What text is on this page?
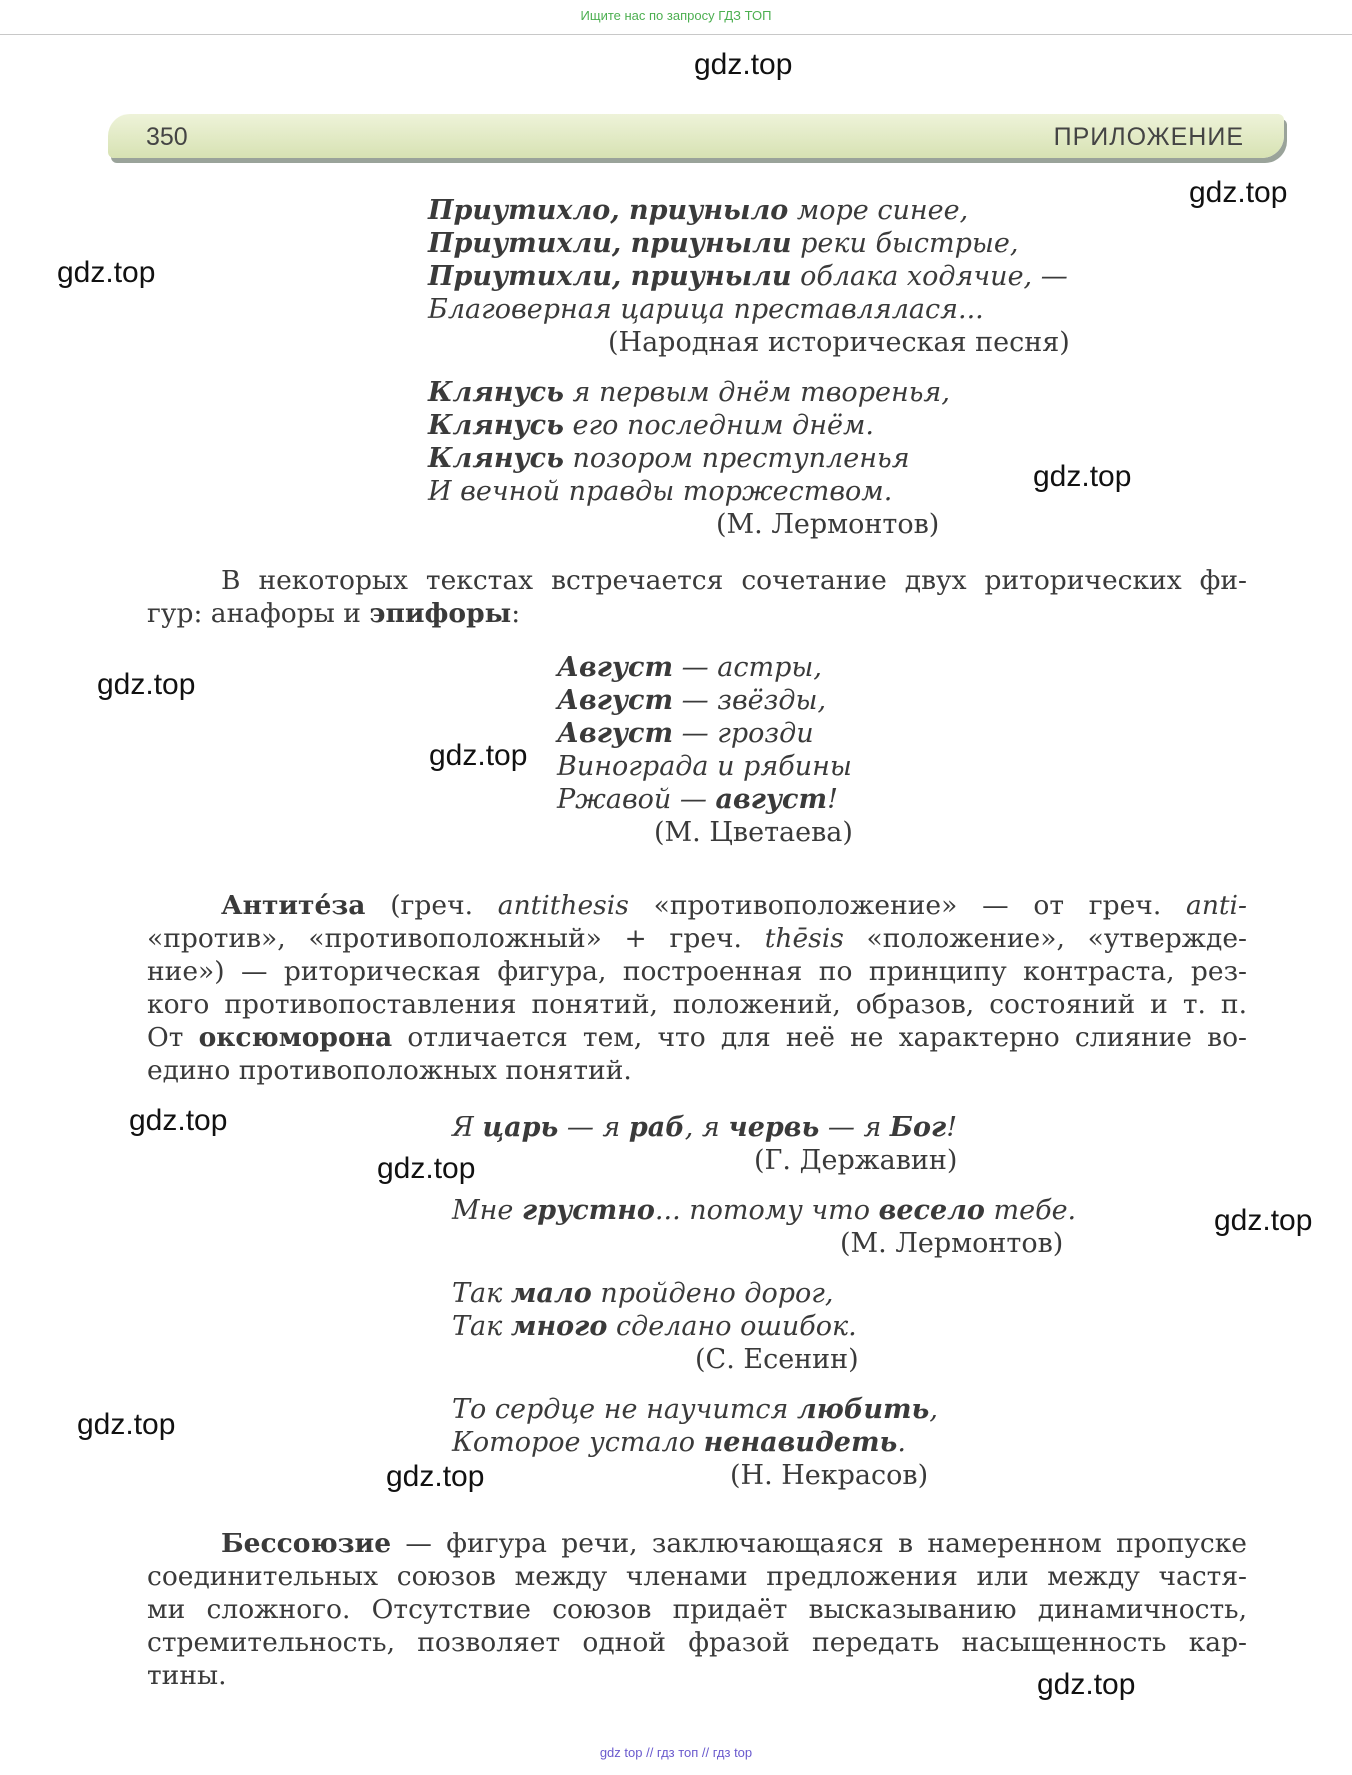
Ищите нас по запросу ГДЗ ТОП
350	ПРИЛОЖЕНИЕ
Приутихло, приуныло море синее,
Приутихли, приуныли реки быстрые,
Приутихли, приуныли облака ходячие, —
Благоверная царица преставлялася...
(Народная историческая песня)
Клянусь я первым днём творенья,
Клянусь его последним днём.
Клянусь позором преступленья
И вечной правды торжеством.
(М. Лермонтов)
В некоторых текстах встречается сочетание двух риторических фи-
гур: анафоры и эпифоры:
Август — астры,
Август — звёзды,
Август — грозди
Винограда и рябины
Ржавой — август!
(М. Цветаева)
Антитéза (греч. antithesis «противоположение» — от греч. anti-
«против», «противоположный» + греч. thēsis «положение», «утвержде-
ние») — риторическая фигура, построенная по принципу контраста, рез-
кого противопоставления понятий, положений, образов, состояний и т. п.
От оксюморона отличается тем, что для неё не характерно слияние во-
едино противоположных понятий.
Я царь — я раб, я червь — я Бог!
(Г. Державин)
Мне грустно... потому что весело тебе.
(М. Лермонтов)
Так мало пройдено дорог,
Так много сделано ошибок.
(С. Есенин)
То сердце не научится любить,
Которое устало ненавидеть.
(Н. Некрасов)
Бессоюзие — фигура речи, заключающаяся в намеренном пропуске
соединительных союзов между членами предложения или между частя-
ми сложного. Отсутствие союзов придаёт высказыванию динамичность,
стремительность, позволяет одной фразой передать насыщенность кар-
тины.
gdz.top
gdz.top
gdz.top
gdz.top
gdz.top
gdz.top
gdz.top
gdz.top
gdz.top
gdz.top
gdz.top
gdz.top
gdz top // гдз топ // гдз top
